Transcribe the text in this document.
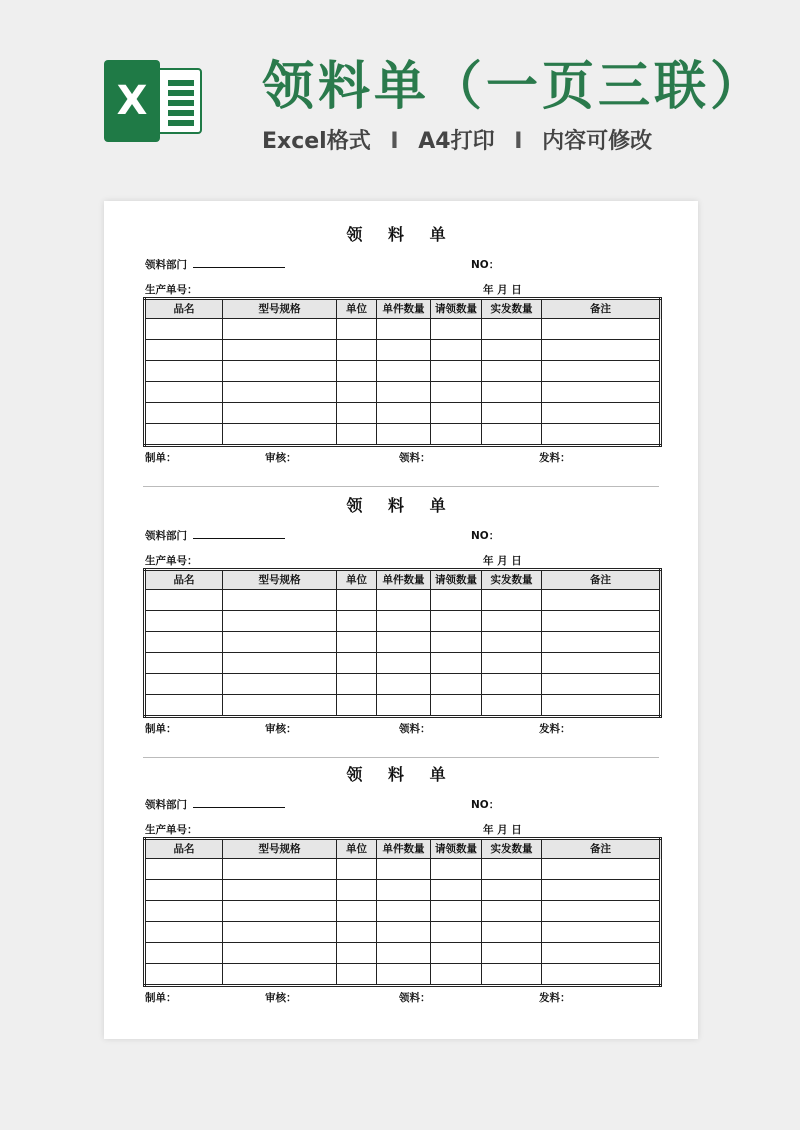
X 领料单（一页三联）
Excel格式 I A4打印 I 内容可修改
领 料 单
领料部门	NO：
生产单号：	年 月 日
品名	型号规格	单位	单件数量	请领数量	实发数量	备注

制单：	审核：	领料：	发料：
领 料 单
领料部门	NO：
生产单号：	年 月 日
品名	型号规格	单位	单件数量	请领数量	实发数量	备注

制单：	审核：	领料：	发料：
领 料 单
领料部门	NO：
生产单号：	年 月 日
品名	型号规格	单位	单件数量	请领数量	实发数量	备注

制单：	审核：	领料：	发料：
